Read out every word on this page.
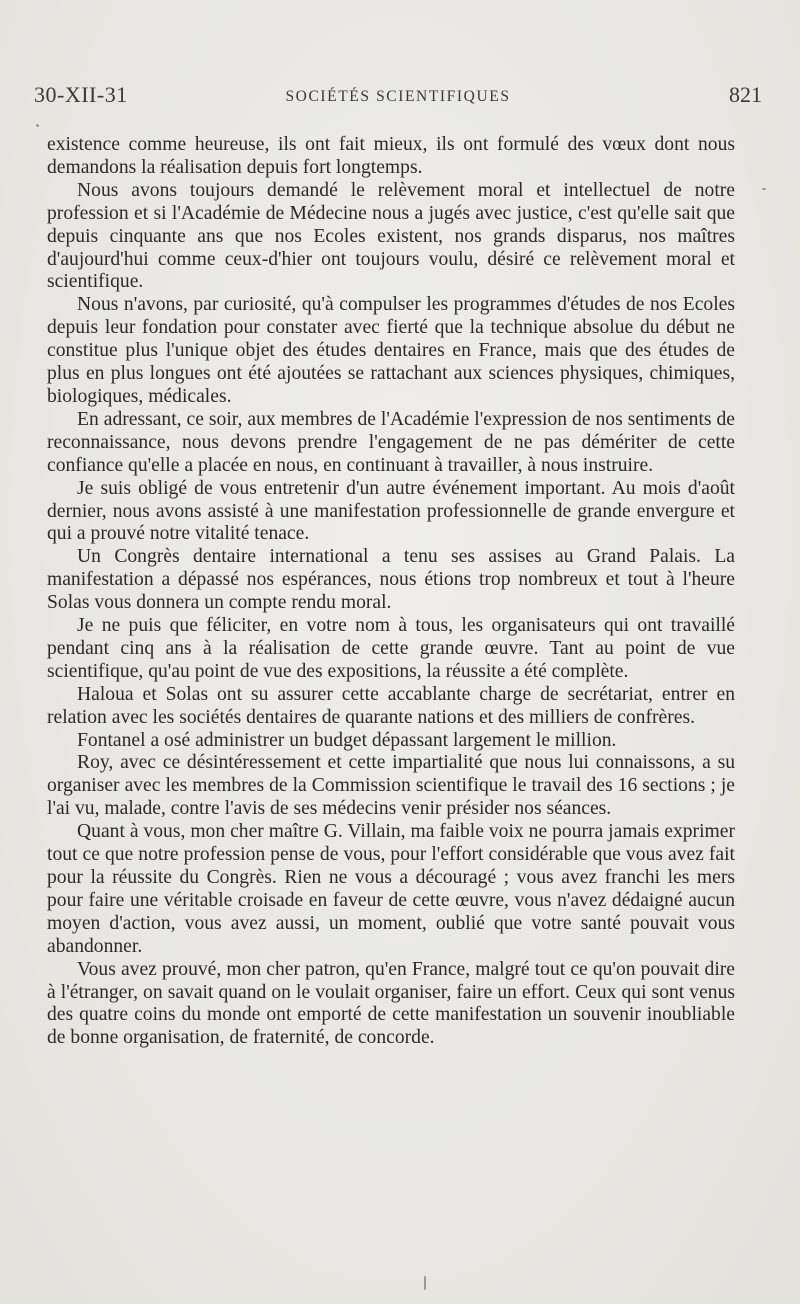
30-XII-31	SOCIÉTÉS SCIENTIFIQUES	821

existence comme heureuse, ils ont fait mieux, ils ont formulé des vœux dont nous demandons la réalisation depuis fort longtemps.

Nous avons toujours demandé le relèvement moral et intellectuel de notre profession et si l'Académie de Médecine nous a jugés avec justice, c'est qu'elle sait que depuis cinquante ans que nos Ecoles existent, nos grands disparus, nos maîtres d'aujourd'hui comme ceux-d'hier ont toujours voulu, désiré ce relèvement moral et scientifique.

Nous n'avons, par curiosité, qu'à compulser les programmes d'études de nos Ecoles depuis leur fondation pour constater avec fierté que la technique absolue du début ne constitue plus l'unique objet des études dentaires en France, mais que des études de plus en plus longues ont été ajoutées se rattachant aux sciences physiques, chimiques, biologiques, médicales.

En adressant, ce soir, aux membres de l'Académie l'expression de nos sentiments de reconnaissance, nous devons prendre l'engagement de ne pas démériter de cette confiance qu'elle a placée en nous, en continuant à travailler, à nous instruire.

Je suis obligé de vous entretenir d'un autre événement important. Au mois d'août dernier, nous avons assisté à une manifestation professionnelle de grande envergure et qui a prouvé notre vitalité tenace.

Un Congrès dentaire international a tenu ses assises au Grand Palais. La manifestation a dépassé nos espérances, nous étions trop nombreux et tout à l'heure Solas vous donnera un compte rendu moral.

Je ne puis que féliciter, en votre nom à tous, les organisateurs qui ont travaillé pendant cinq ans à la réalisation de cette grande œuvre. Tant au point de vue scientifique, qu'au point de vue des expositions, la réussite a été complète.

Haloua et Solas ont su assurer cette accablante charge de secrétariat, entrer en relation avec les sociétés dentaires de quarante nations et des milliers de confrères.

Fontanel a osé administrer un budget dépassant largement le million.

Roy, avec ce désintéressement et cette impartialité que nous lui connaissons, a su organiser avec les membres de la Commission scientifique le travail des 16 sections ; je l'ai vu, malade, contre l'avis de ses médecins venir présider nos séances.

Quant à vous, mon cher maître G. Villain, ma faible voix ne pourra jamais exprimer tout ce que notre profession pense de vous, pour l'effort considérable que vous avez fait pour la réussite du Congrès. Rien ne vous a découragé ; vous avez franchi les mers pour faire une véritable croisade en faveur de cette œuvre, vous n'avez dédaigné aucun moyen d'action, vous avez aussi, un moment, oublié que votre santé pouvait vous abandonner.

Vous avez prouvé, mon cher patron, qu'en France, malgré tout ce qu'on pouvait dire à l'étranger, on savait quand on le voulait organiser, faire un effort. Ceux qui sont venus des quatre coins du monde ont emporté de cette manifestation un souvenir inoubliable de bonne organisation, de fraternité, de concorde.
